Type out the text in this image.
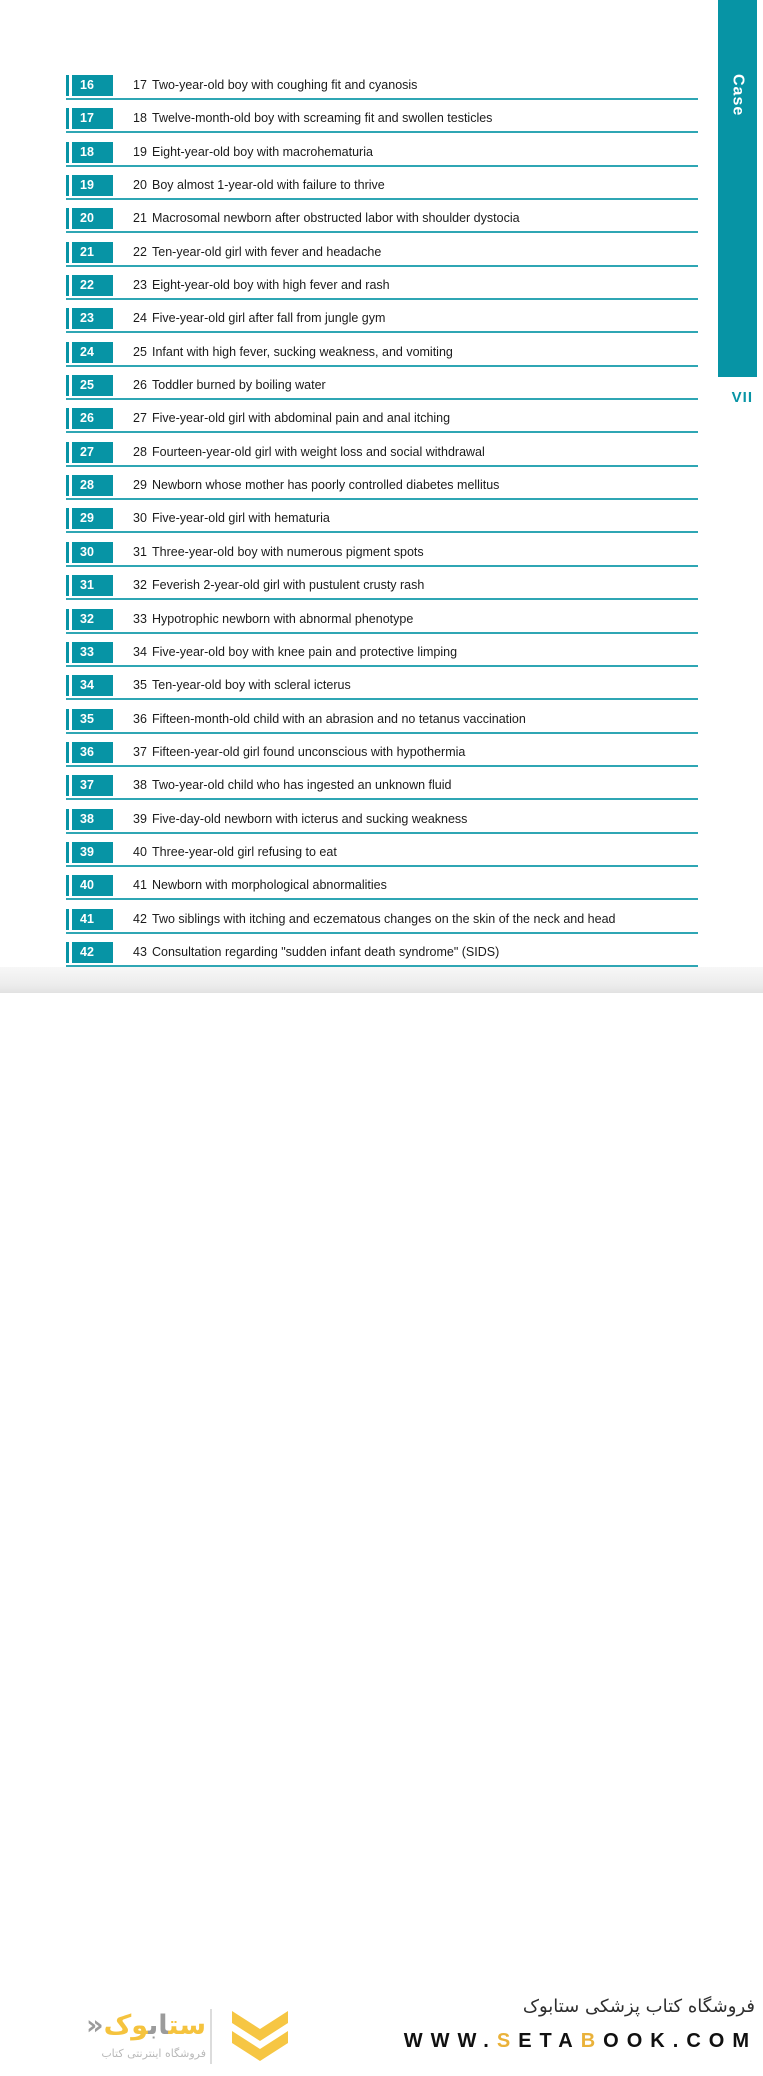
Case
VII
16	17 Two-year-old boy with coughing fit and cyanosis
17	18 Twelve-month-old boy with screaming fit and swollen testicles
18	19 Eight-year-old boy with macrohematuria
19	20 Boy almost 1-year-old with failure to thrive
20	21 Macrosomal newborn after obstructed labor with shoulder dystocia
21	22 Ten-year-old girl with fever and headache
22	23 Eight-year-old boy with high fever and rash
23	24 Five-year-old girl after fall from jungle gym
24	25 Infant with high fever, sucking weakness, and vomiting
25	26 Toddler burned by boiling water
26	27 Five-year-old girl with abdominal pain and anal itching
27	28 Fourteen-year-old girl with weight loss and social withdrawal
28	29 Newborn whose mother has poorly controlled diabetes mellitus
29	30 Five-year-old girl with hematuria
30	31 Three-year-old boy with numerous pigment spots
31	32 Feverish 2-year-old girl with pustulent crusty rash
32	33 Hypotrophic newborn with abnormal phenotype
33	34 Five-year-old boy with knee pain and protective limping
34	35 Ten-year-old boy with scleral icterus
35	36 Fifteen-month-old child with an abrasion and no tetanus vaccination
36	37 Fifteen-year-old girl found unconscious with hypothermia
37	38 Two-year-old child who has ingested an unknown fluid
38	39 Five-day-old newborn with icterus and sucking weakness
39	40 Three-year-old girl refusing to eat
40	41 Newborn with morphological abnormalities
41	42 Two siblings with itching and eczematous changes on the skin of the neck and head
42	43 Consultation regarding "sudden infant death syndrome" (SIDS)
ستابوک«
فروشگاه اینترنتی کتاب
فروشگاه کتاب پزشکی ستابوک
WWW.SETABOOK.COM
